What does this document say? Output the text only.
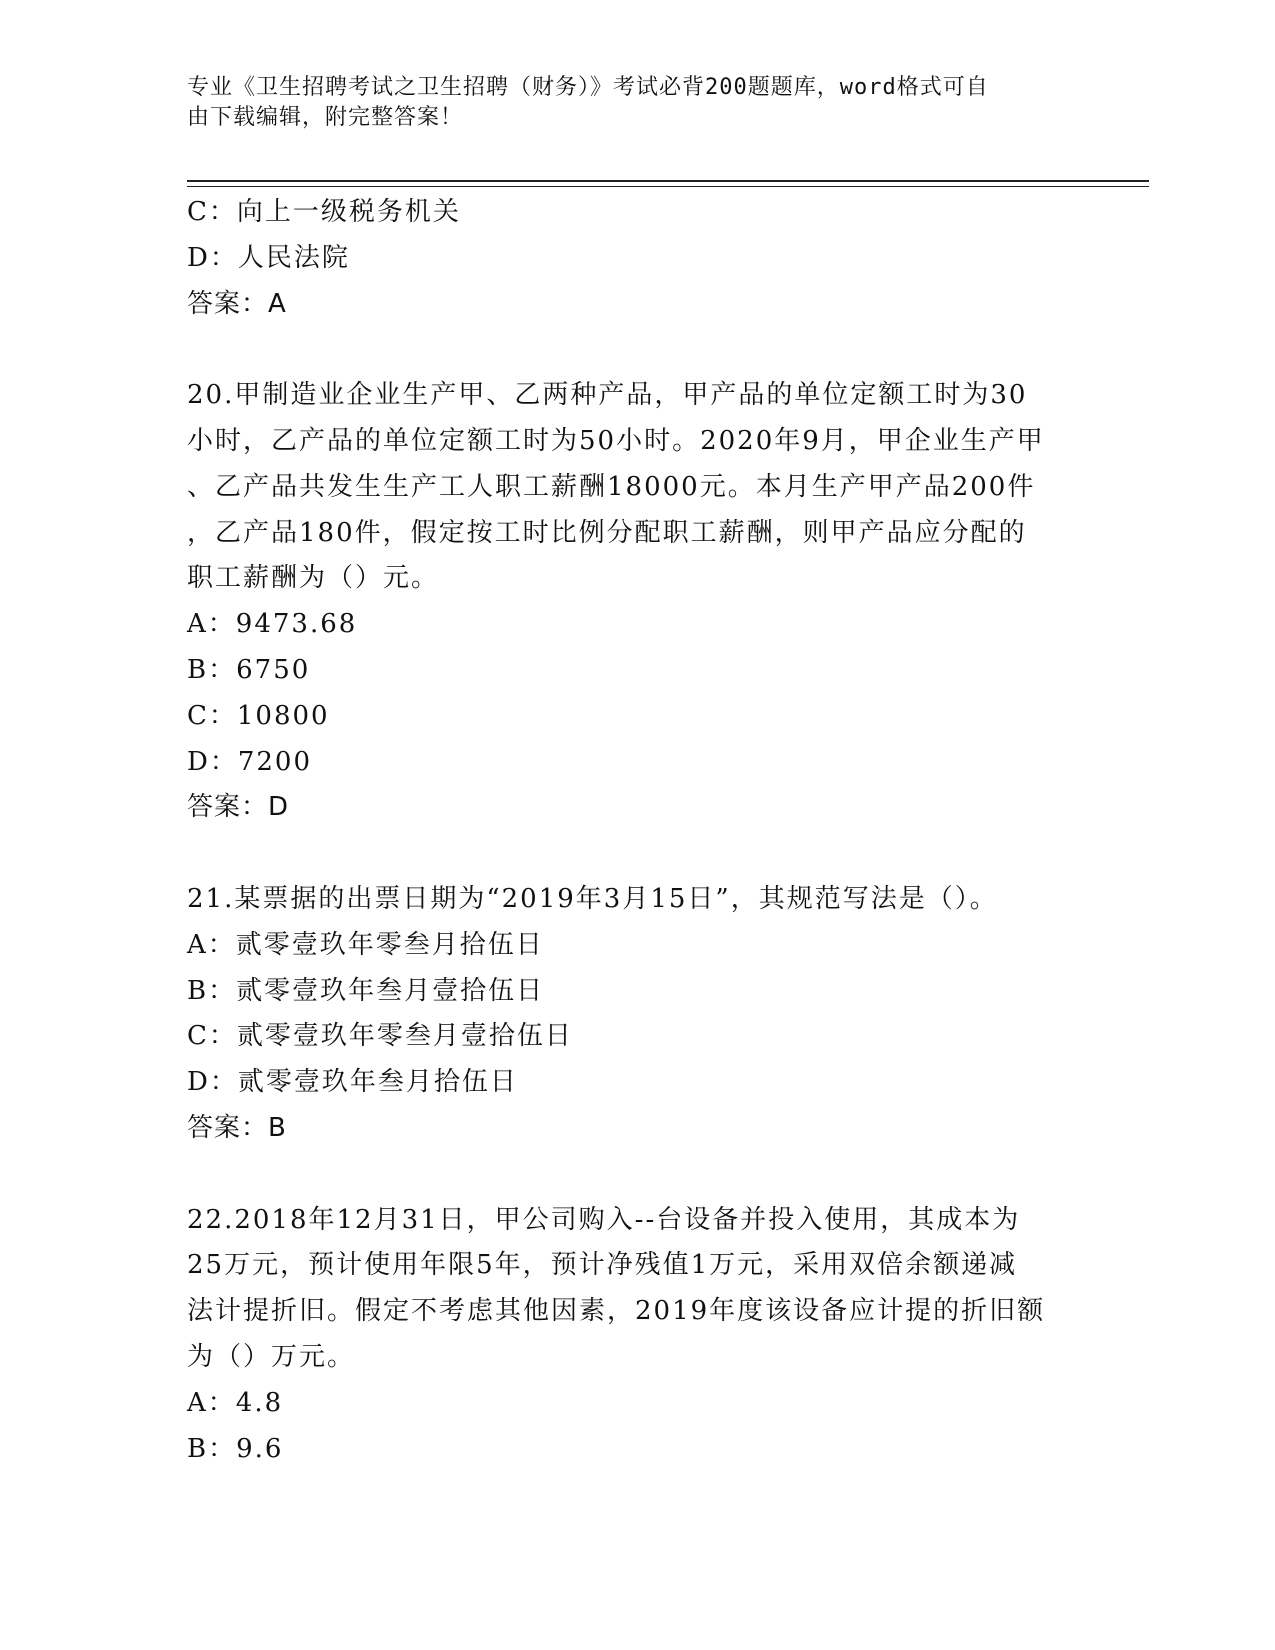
专业《卫生招聘考试之卫生招聘（财务）》考试必背200题题库，word格式可自
由下载编辑，附完整答案！
C：向上一级税务机关
D：人民法院
答案：A
20.甲制造业企业生产甲、乙两种产品，甲产品的单位定额工时为30
小时，乙产品的单位定额工时为50小时。2020年9月，甲企业生产甲
、乙产品共发生生产工人职工薪酬18000元。本月生产甲产品200件
，乙产品180件，假定按工时比例分配职工薪酬，则甲产品应分配的
职工薪酬为（）元。
A：9473.68
B：6750
C：10800
D：7200
答案：D
21.某票据的出票日期为“2019年3月15日”，其规范写法是（）。
A：贰零壹玖年零叁月拾伍日
B：贰零壹玖年叁月壹拾伍日
C：贰零壹玖年零叁月壹拾伍日
D：贰零壹玖年叁月拾伍日
答案：B
22.2018年12月31日，甲公司购入--台设备并投入使用，其成本为
25万元，预计使用年限5年，预计净残值1万元，采用双倍余额递减
法计提折旧。假定不考虑其他因素，2019年度该设备应计提的折旧额
为（）万元。
A：4.8
B：9.6
